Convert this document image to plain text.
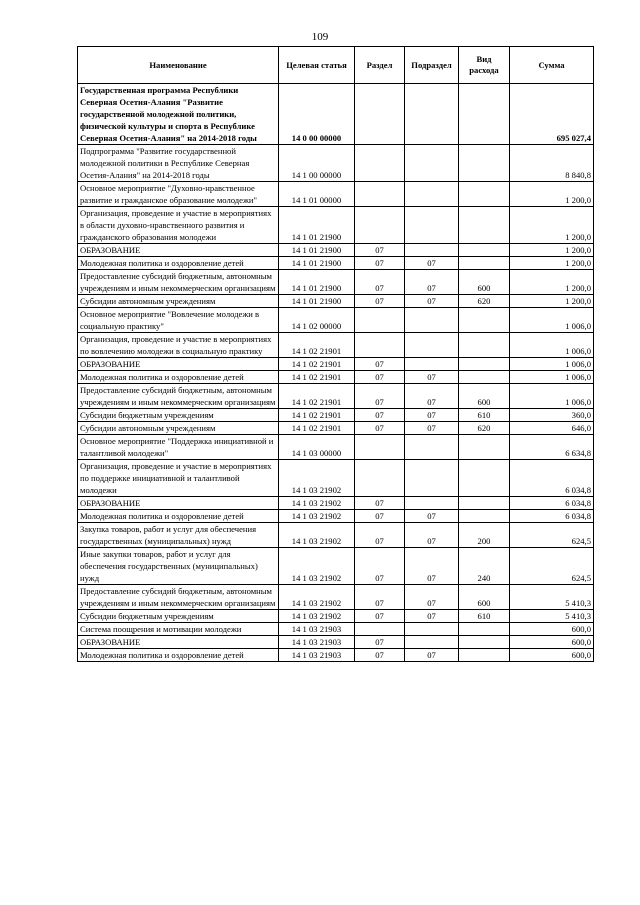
109
Наименование	Целевая статья	Раздел	Подраздел	Вид расхода	Сумма
Государственная программа Республики Северная Осетия-Алания "Развитие государственной молодежной политики, физической культуры и спорта в Республике Северная Осетия-Алания" на 2014-2018 годы	14 0 00 00000				695 027,4
Подпрограмма "Развитие государственной молодежной политики в Республике Северная Осетия-Алания" на 2014-2018 годы	14 1 00 00000				8 840,8
Основное мероприятие "Духовно-нравственное развитие и гражданское образование молодежи"	14 1 01 00000				1 200,0
Организация, проведение и участие в мероприятиях в области духовно-нравственного развития и гражданского образования молодежи	14 1 01 21900				1 200,0
ОБРАЗОВАНИЕ	14 1 01 21900	07			1 200,0
Молодежная политика и оздоровление детей	14 1 01 21900	07	07		1 200,0
Предоставление субсидий бюджетным, автономным учреждениям и иным некоммерческим организациям	14 1 01 21900	07	07	600	1 200,0
Субсидии автономным учреждениям	14 1 01 21900	07	07	620	1 200,0
Основное мероприятие "Вовлечение молодежи в социальную практику"	14 1 02 00000				1 006,0
Организация, проведение и участие в мероприятиях по вовлечению молодежи в социальную практику	14 1 02 21901				1 006,0
ОБРАЗОВАНИЕ	14 1 02 21901	07			1 006,0
Молодежная политика и оздоровление детей	14 1 02 21901	07	07		1 006,0
Предоставление субсидий бюджетным, автономным учреждениям и иным некоммерческим организациям	14 1 02 21901	07	07	600	1 006,0
Субсидии бюджетным учреждениям	14 1 02 21901	07	07	610	360,0
Субсидии автономным учреждениям	14 1 02 21901	07	07	620	646,0
Основное мероприятие "Поддержка инициативной и талантливой молодежи"	14 1 03 00000				6 634,8
Организация, проведение и участие в мероприятиях по поддержке инициативной и талантливой молодежи	14 1 03 21902				6 034,8
ОБРАЗОВАНИЕ	14 1 03 21902	07			6 034,8
Молодежная политика и оздоровление детей	14 1 03 21902	07	07		6 034,8
Закупка товаров, работ и услуг для обеспечения государственных (муниципальных) нужд	14 1 03 21902	07	07	200	624,5
Иные закупки товаров, работ и услуг для обеспечения государственных (муниципальных) нужд	14 1 03 21902	07	07	240	624,5
Предоставление субсидий бюджетным, автономным учреждениям и иным некоммерческим организациям	14 1 03 21902	07	07	600	5 410,3
Субсидии бюджетным учреждениям	14 1 03 21902	07	07	610	5 410,3
Система поощрения и мотивации молодежи	14 1 03 21903				600,0
ОБРАЗОВАНИЕ	14 1 03 21903	07			600,0
Молодежная политика и оздоровление детей	14 1 03 21903	07	07		600,0
